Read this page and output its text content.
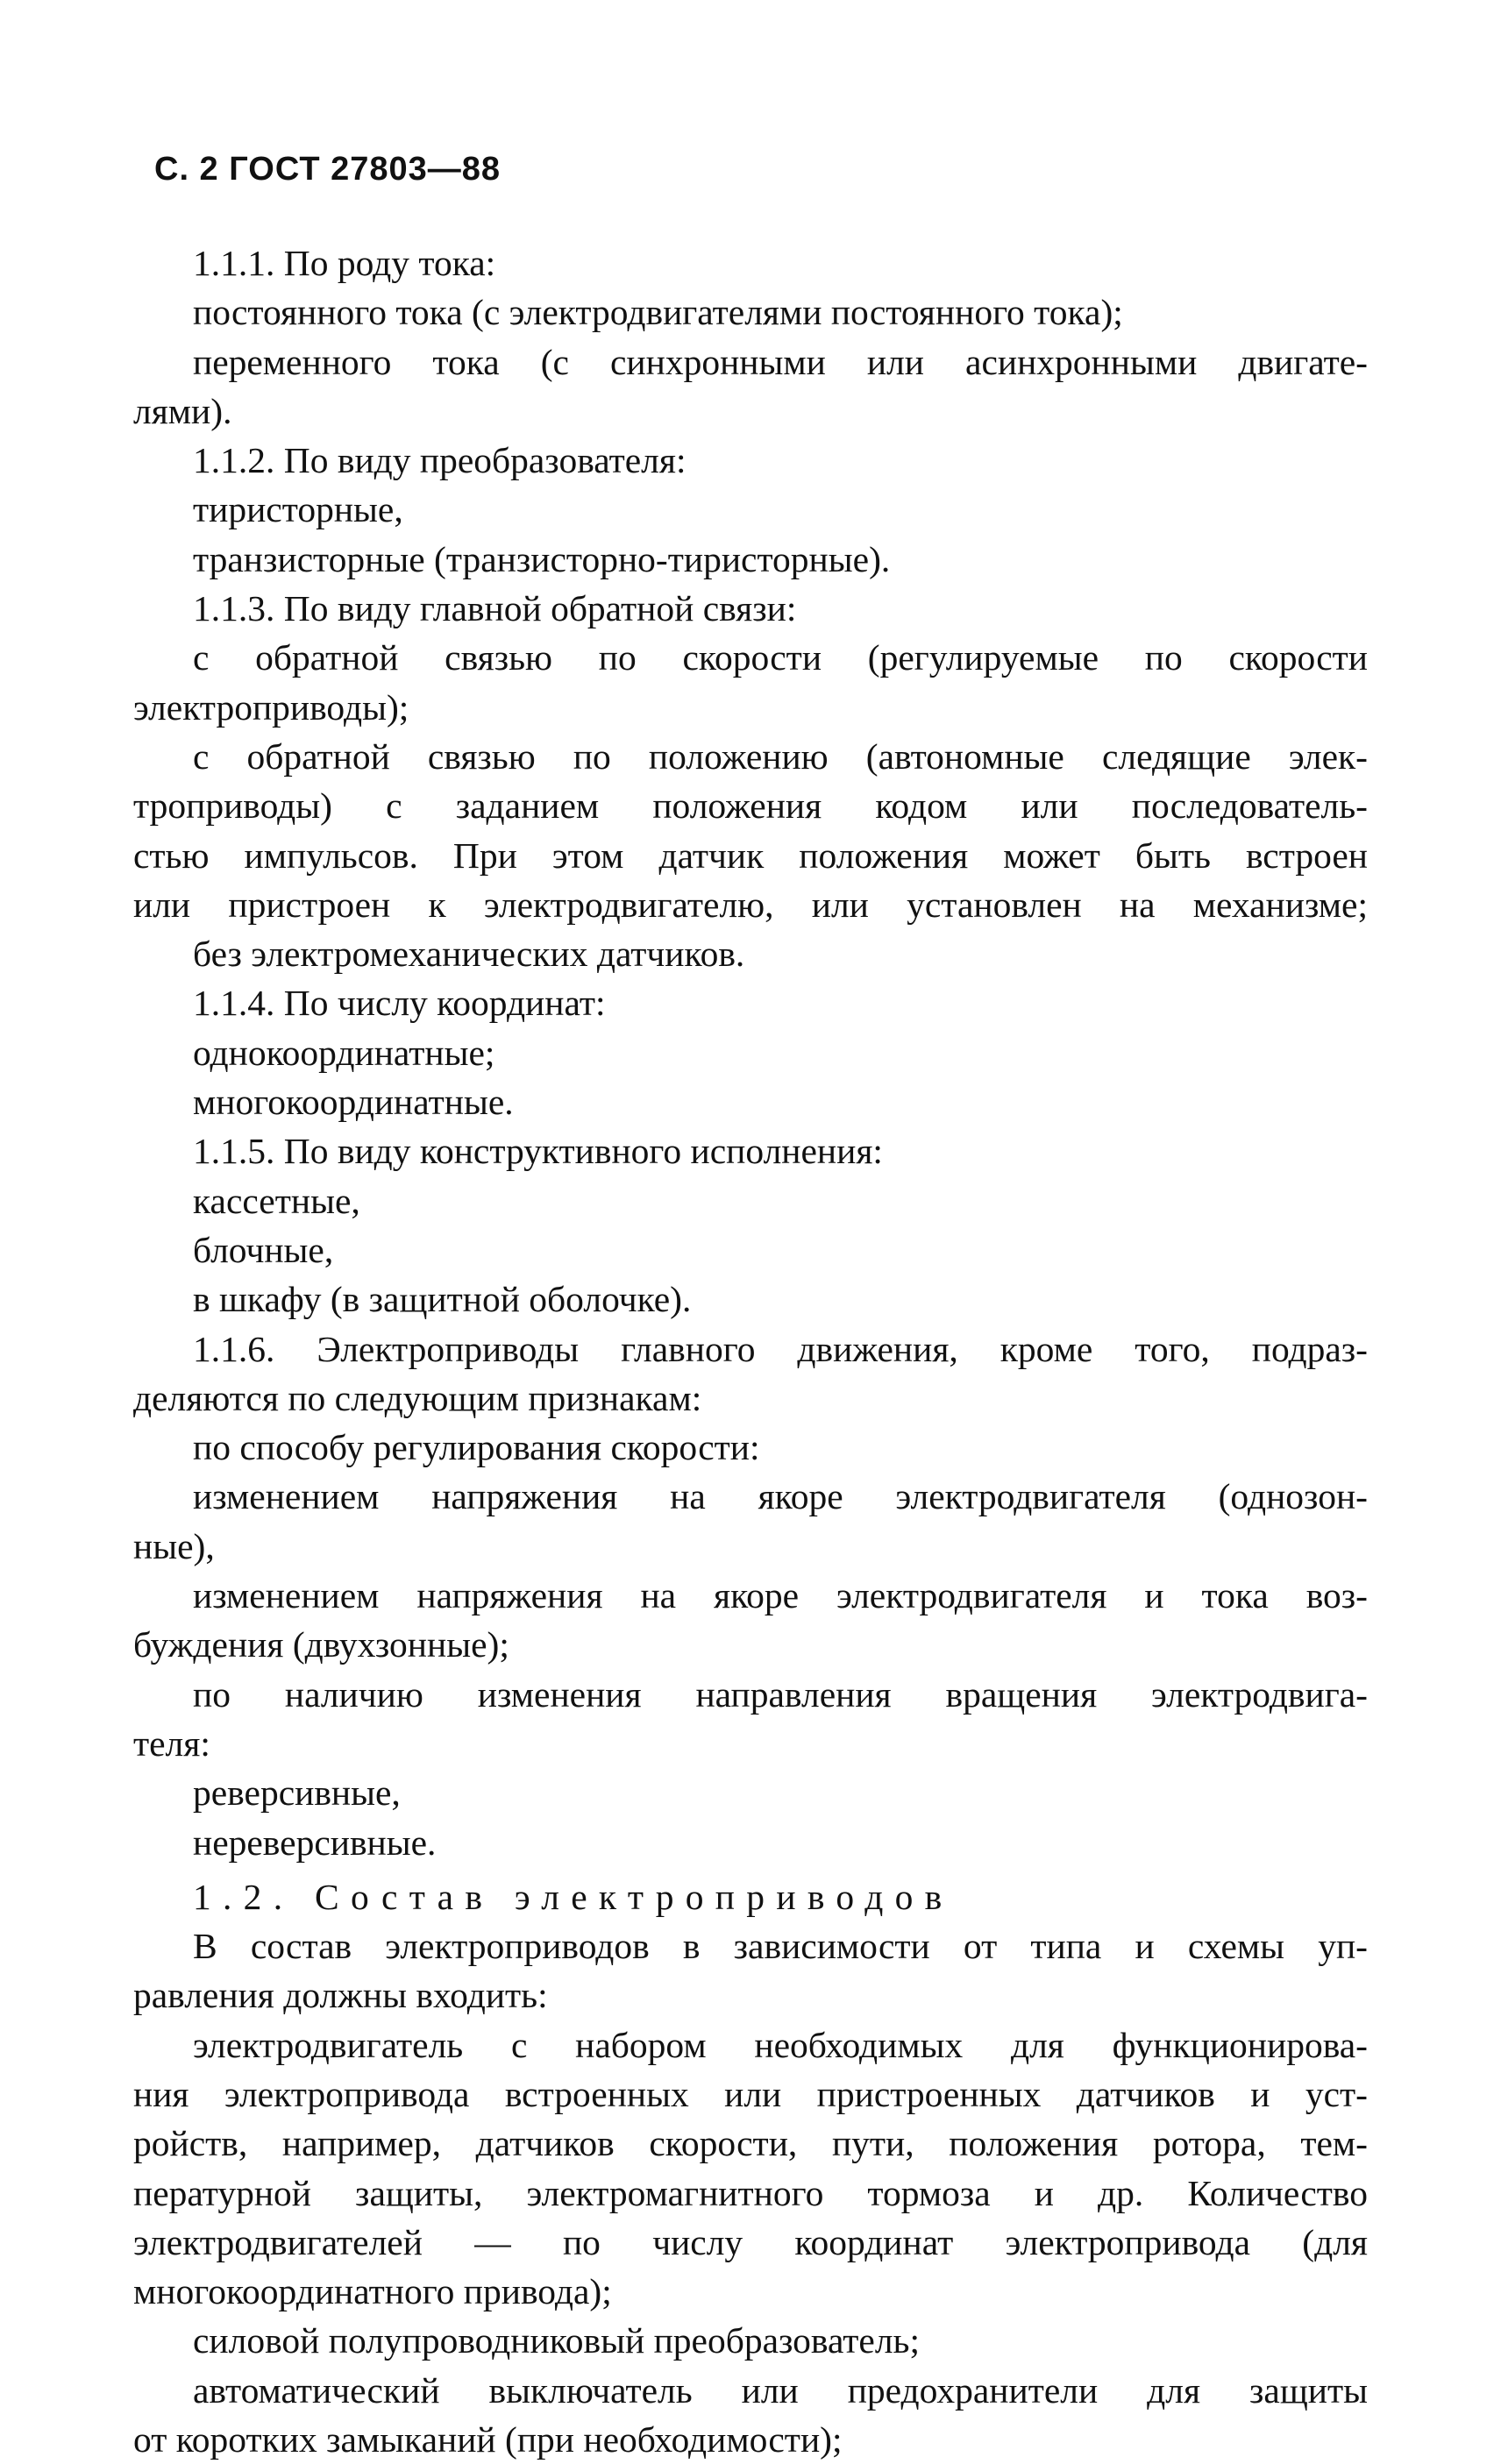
С. 2 ГОСТ 27803—88
1.1.1. По роду тока:
постоянного тока (с электродвигателями постоянного тока);
переменного тока (с синхронными или асинхронными двигате-
лями).
1.1.2. По виду преобразователя:
тиристорные,
транзисторные (транзисторно-тиристорные).
1.1.3. По виду главной обратной связи:
с обратной связью по скорости (регулируемые по скорости
электроприводы);
с обратной связью по положению (автономные следящие элек-
троприводы) с заданием положения кодом или последователь-
стью импульсов. При этом датчик положения может быть встроен
или пристроен к электродвигателю, или установлен на механизме;
без электромеханических датчиков.
1.1.4. По числу координат:
однокоординатные;
многокоординатные.
1.1.5. По виду конструктивного исполнения:
кассетные,
блочные,
в шкафу (в защитной оболочке).
1.1.6. Электроприводы главного движения, кроме того, подраз-
деляются по следующим признакам:
по способу регулирования скорости:
изменением напряжения на якоре электродвигателя (однозон-
ные),
изменением напряжения на якоре электродвигателя и тока воз-
буждения (двухзонные);
по наличию изменения направления вращения электродвига-
теля:
реверсивные,
нереверсивные.
1.2. Состав электроприводов
В состав электроприводов в зависимости от типа и схемы уп-
равления должны входить:
электродвигатель с набором необходимых для функционирова-
ния электропривода встроенных или пристроенных датчиков и уст-
ройств, например, датчиков скорости, пути, положения ротора, тем-
пературной защиты, электромагнитного тормоза и др. Количество
электродвигателей — по числу координат электропривода (для
многокоординатного привода);
силовой полупроводниковый преобразователь;
автоматический выключатель или предохранители для защиты
от коротких замыканий (при необходимости);
